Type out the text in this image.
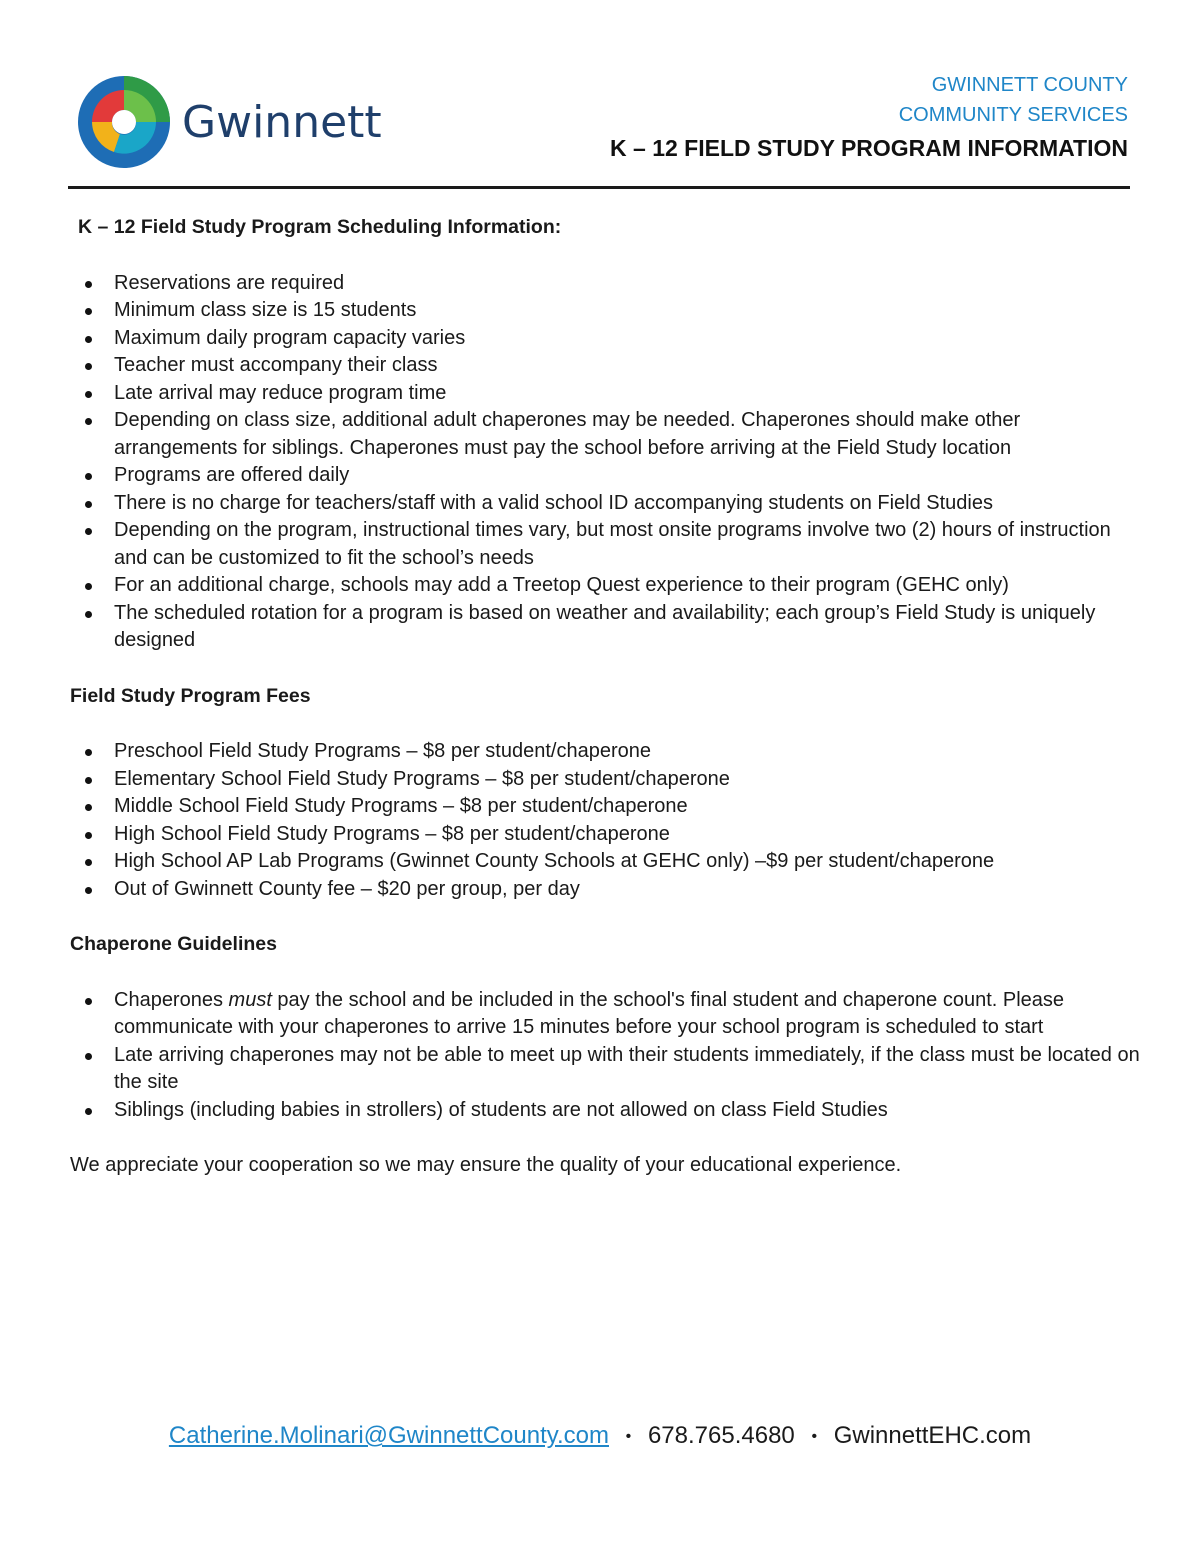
Gwinnett
GWINNETT COUNTY
COMMUNITY SERVICES
K – 12 FIELD STUDY PROGRAM INFORMATION
K – 12 Field Study Program Scheduling Information:
Reservations are required
Minimum class size is 15 students
Maximum daily program capacity varies
Teacher must accompany their class
Late arrival may reduce program time
Depending on class size, additional adult chaperones may be needed. Chaperones should make other arrangements for siblings. Chaperones must pay the school before arriving at the Field Study location
Programs are offered daily
There is no charge for teachers/staff with a valid school ID accompanying students on Field Studies
Depending on the program, instructional times vary, but most onsite programs involve two (2) hours of instruction and can be customized to fit the school’s needs
For an additional charge, schools may add a Treetop Quest experience to their program (GEHC only)
The scheduled rotation for a program is based on weather and availability; each group’s Field Study is uniquely designed
Field Study Program Fees
Preschool Field Study Programs – $8 per student/chaperone
Elementary School Field Study Programs – $8 per student/chaperone
Middle School Field Study Programs – $8 per student/chaperone
High School Field Study Programs – $8 per student/chaperone
High School AP Lab Programs (Gwinnet County Schools at GEHC only) –$9 per student/chaperone
Out of Gwinnett County fee – $20 per group, per day
Chaperone Guidelines
Chaperones must pay the school and be included in the school's final student and chaperone count. Please communicate with your chaperones to arrive 15 minutes before your school program is scheduled to start
Late arriving chaperones may not be able to meet up with their students immediately, if the class must be located on the site
Siblings (including babies in strollers) of students are not allowed on class Field Studies
We appreciate your cooperation so we may ensure the quality of your educational experience.
Catherine.Molinari@GwinnettCounty.com • 678.765.4680 • GwinnettEHC.com
